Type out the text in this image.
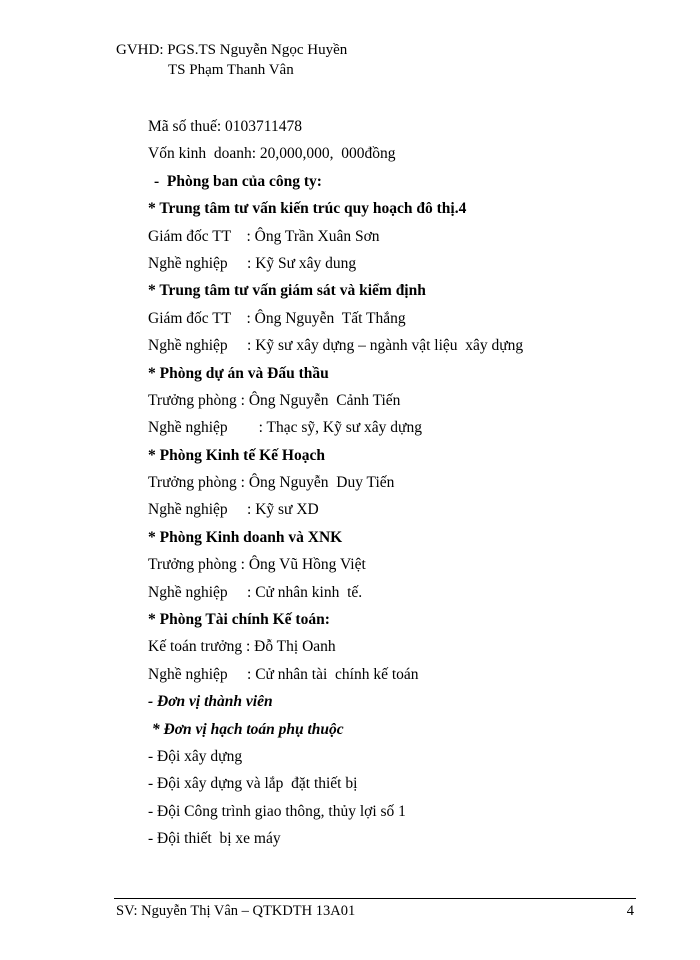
GVHD: PGS.TS Nguyễn Ngọc Huyền
TS Phạm Thanh Vân
Mã số thuế: 0103711478
Vốn kinh  doanh: 20,000,000,  000đồng
-  Phòng ban của công ty:
* Trung tâm tư vấn kiến trúc quy hoạch đô thị.4
Giám đốc TT    : Ông Trần Xuân Sơn
Nghề nghiệp     : Kỹ Sư xây dung
* Trung tâm tư vấn giám sát và kiểm định
Giám đốc TT    : Ông Nguyễn  Tất Thắng
Nghề nghiệp     : Kỹ sư xây dựng – ngành vật liệu  xây dựng
* Phòng dự án và Đấu thầu
Trưởng phòng : Ông Nguyễn  Cảnh Tiến
Nghề nghiệp        : Thạc sỹ, Kỹ sư xây dựng
* Phòng Kinh tế Kế Hoạch
Trưởng phòng : Ông Nguyễn  Duy Tiến
Nghề nghiệp     : Kỹ sư XD
* Phòng Kinh doanh và XNK
Trưởng phòng : Ông Vũ Hồng Việt
Nghề nghiệp     : Cử nhân kinh  tế.
* Phòng Tài chính Kế toán:
Kế toán trưởng : Đỗ Thị Oanh
Nghề nghiệp     : Cử nhân tài  chính kế toán
- Đơn vị thành viên
* Đơn vị hạch toán phụ thuộc
- Đội xây dựng
- Đội xây dựng và lắp  đặt thiết bị
- Đội Công trình giao thông, thủy lợi số 1
- Đội thiết  bị xe máy
SV: Nguyễn Thị Vân – QTKDTH 13A01	4
